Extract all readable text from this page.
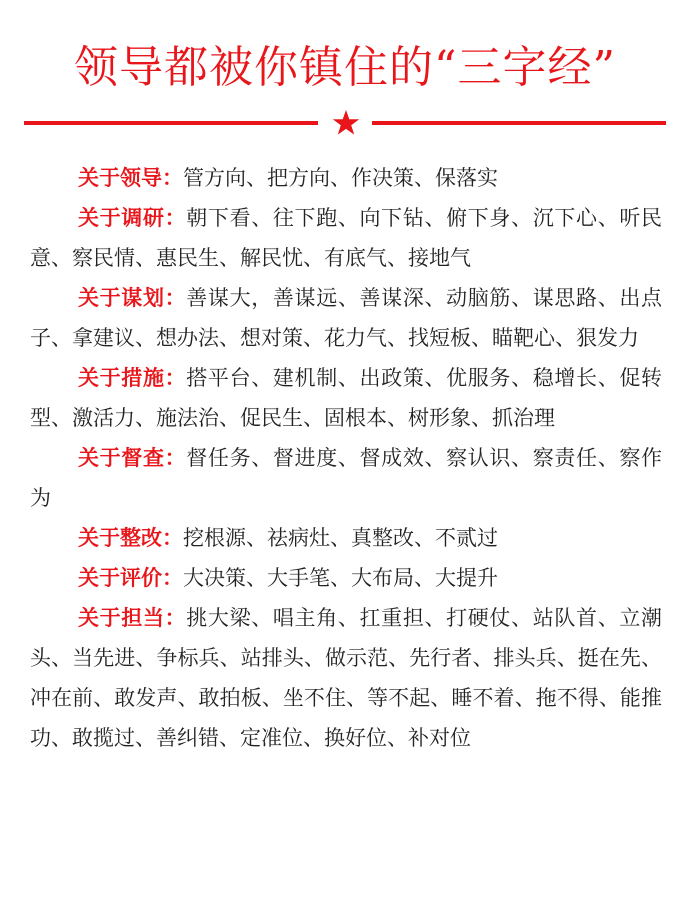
领导都被你镇住的“三字经”

关于领导：管方向、把方向、作决策、保落实

关于调研：朝下看、往下跑、向下钻、俯下身、沉下心、听民意、察民情、惠民生、解民忧、有底气、接地气

关于谋划：善谋大，善谋远、善谋深、动脑筋、谋思路、出点子、拿建议、想办法、想对策、花力气、找短板、瞄靶心、狠发力

关于措施：搭平台、建机制、出政策、优服务、稳增长、促转型、激活力、施法治、促民生、固根本、树形象、抓治理

关于督查：督任务、督进度、督成效、察认识、察责任、察作为

关于整改：挖根源、祛病灶、真整改、不贰过

关于评价：大决策、大手笔、大布局、大提升

关于担当：挑大梁、唱主角、扛重担、打硬仗、站队首、立潮头、当先进、争标兵、站排头、做示范、先行者、排头兵、挺在先、冲在前、敢发声、敢拍板、坐不住、等不起、睡不着、拖不得、能推功、敢揽过、善纠错、定准位、换好位、补对位
